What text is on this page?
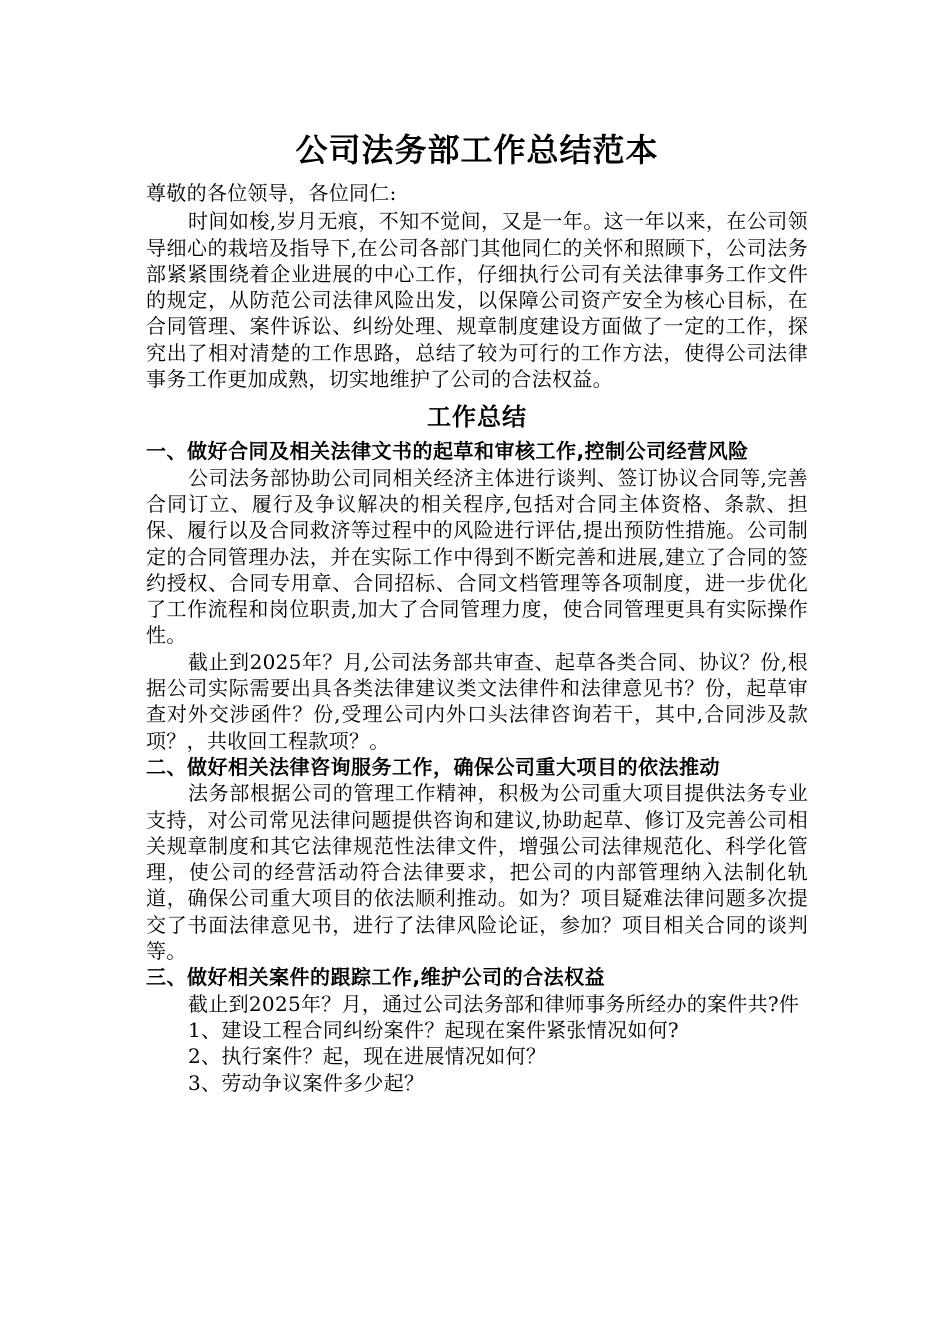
公司法务部工作总结范本

尊敬的各位领导，各位同仁:

时间如梭,岁月无痕，不知不觉间，又是一年。这一年以来，在公司领导细心的栽培及指导下,在公司各部门其他同仁的关怀和照顾下，公司法务部紧紧围绕着企业进展的中心工作，仔细执行公司有关法律事务工作文件的规定，从防范公司法律风险出发，以保障公司资产安全为核心目标，在合同管理、案件诉讼、纠纷处理、规章制度建设方面做了一定的工作，探究出了相对清楚的工作思路，总结了较为可行的工作方法，使得公司法律事务工作更加成熟，切实地维护了公司的合法权益。

工作总结
一、做好合同及相关法律文书的起草和审核工作,控制公司经营风险

公司法务部协助公司同相关经济主体进行谈判、签订协议合同等,完善合同订立、履行及争议解决的相关程序,包括对合同主体资格、条款、担保、履行以及合同救济等过程中的风险进行评估,提出预防性措施。公司制定的合同管理办法，并在实际工作中得到不断完善和进展,建立了合同的签约授权、合同专用章、合同招标、合同文档管理等各项制度，进一步优化了工作流程和岗位职责,加大了合同管理力度，使合同管理更具有实际操作性。

截止到2025年？月,公司法务部共审查、起草各类合同、协议？份,根据公司实际需要出具各类法律建议类文法律件和法律意见书？份，起草审查对外交涉函件？份,受理公司内外口头法律咨询若干，其中,合同涉及款项？，共收回工程款项？。

二、做好相关法律咨询服务工作，确保公司重大项目的依法推动

法务部根据公司的管理工作精神，积极为公司重大项目提供法务专业支持，对公司常见法律问题提供咨询和建议,协助起草、修订及完善公司相关规章制度和其它法律规范性法律文件，增强公司法律规范化、科学化管理，使公司的经营活动符合法律要求，把公司的内部管理纳入法制化轨道，确保公司重大项目的依法顺利推动。如为？项目疑难法律问题多次提交了书面法律意见书，进行了法律风险论证，参加？项目相关合同的谈判等。

三、做好相关案件的跟踪工作,维护公司的合法权益

截止到2025年？月，通过公司法务部和律师事务所经办的案件共?件

1、建设工程合同纠纷案件？起现在案件紧张情况如何?

2、执行案件？起，现在进展情况如何？

3、劳动争议案件多少起？
